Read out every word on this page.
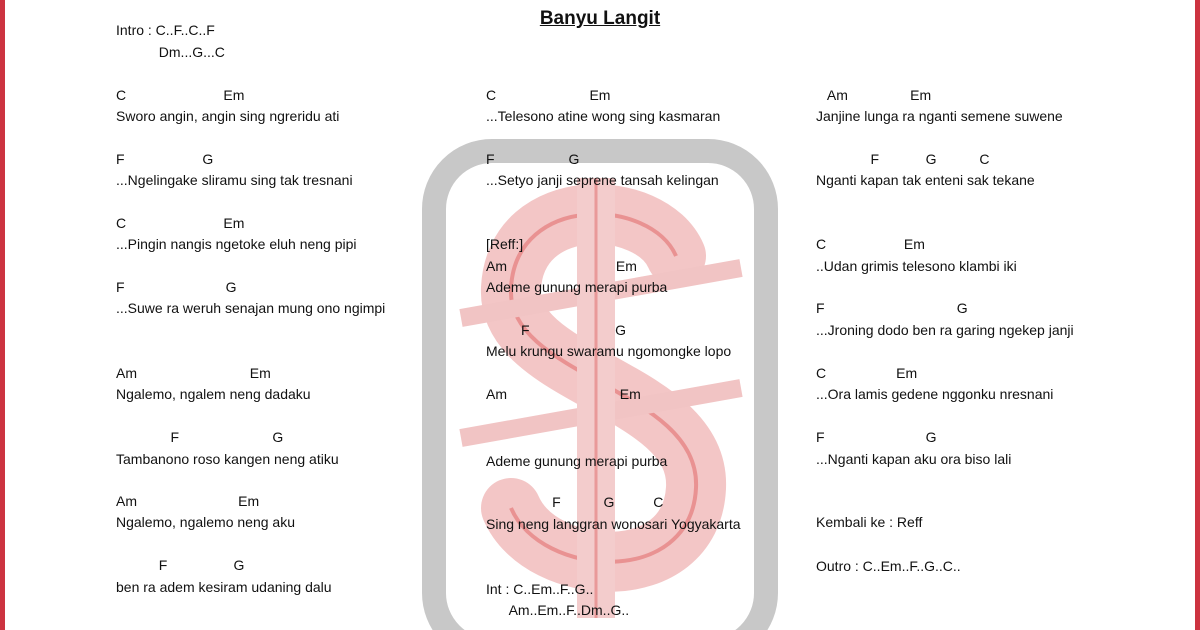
Banyu Langit
Intro : C..F..C..F
Dm...G...C
C                         Em
Sworo angin, angin sing ngreridu ati
F                    G
...Ngelingake sliramu sing tak tresnani
C                         Em
...Pingin nangis ngetoke eluh neng pipi
F                          G
...Suwe ra weruh senajan mung ono ngimpi
Am                             Em
Ngalemo, ngalem neng dadaku
F                        G
Tambanono roso kangen neng atiku
Am                          Em
Ngalemo, ngalemo neng aku
F                 G
ben ra adem kesiram udaning dalu
C                        Em
...Telesono atine wong sing kasmaran
F                   G
...Setyo janji seprene tansah kelingan
[Reff:]
Am                            Em
Ademe gunung merapi purba
F                      G
Melu krungu swaramu ngomongke lopo
Am                             Em
Ademe gunung merapi purba
F           G          C
Sing neng langgran wonosari Yogyakarta
Int : C..Em..F..G..
Am..Em..F..Dm..G..
Am                Em
Janjine lunga ra nganti semene suwene
F            G           C
Nganti kapan tak enteni sak tekane
C                    Em
..Udan grimis telesono klambi iki
F                                  G
...Jroning dodo ben ra garing ngekep janji
C                  Em
...Ora lamis gedene nggonku nresnani
F                          G
...Nganti kapan aku ora biso lali
Kembali ke : Reff
Outro : C..Em..F..G..C..
